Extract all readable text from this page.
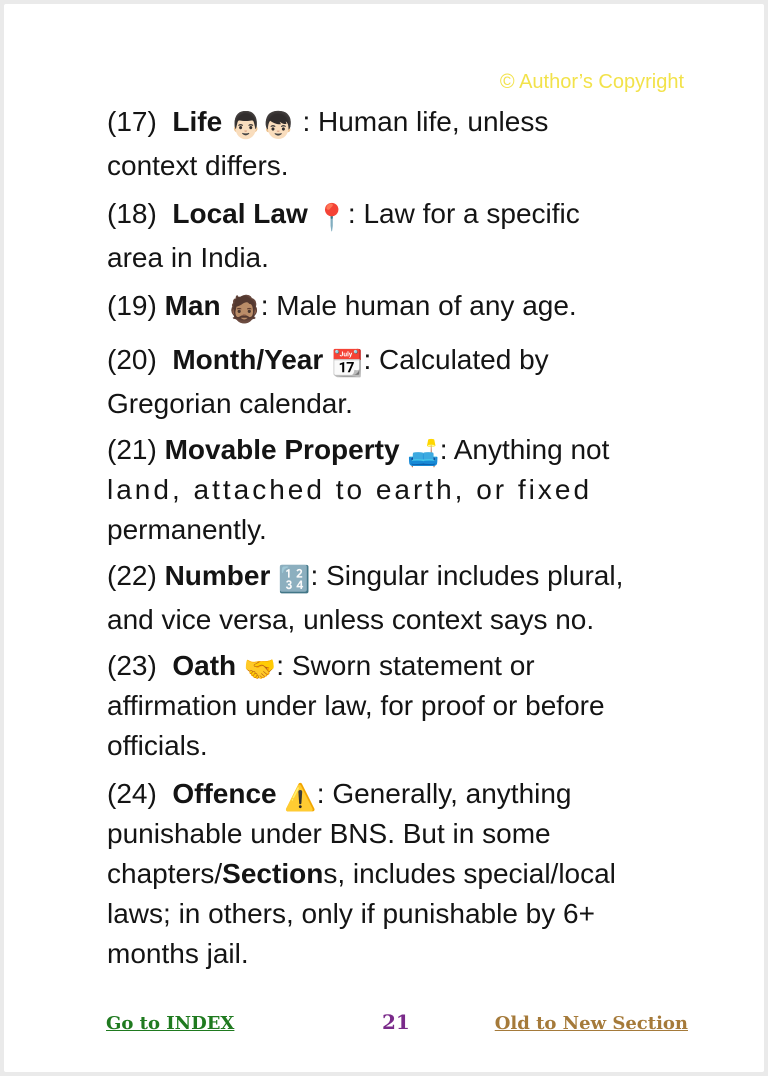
© Author’s Copyright
(17) Life 👨🏻👦🏻 : Human life, unless
context differs.
(18) Local Law 📍: Law for a specific
area in India.
(19) Man 🧔🏽: Male human of any age.
(20) Month/Year 📆: Calculated by
Gregorian calendar.
(21) Movable Property 🛋️: Anything not
land, attached to earth, or fixed
permanently.
(22) Number 🔢: Singular includes plural,
and vice versa, unless context says no.
(23) Oath 🤝: Sworn statement or
affirmation under law, for proof or before
officials.
(24) Offence ⚠️: Generally, anything
punishable under BNS. But in some
chapters/Sections, includes special/local
laws; in others, only if punishable by 6+
months jail.
Go to INDEX	21	Old to New Section
